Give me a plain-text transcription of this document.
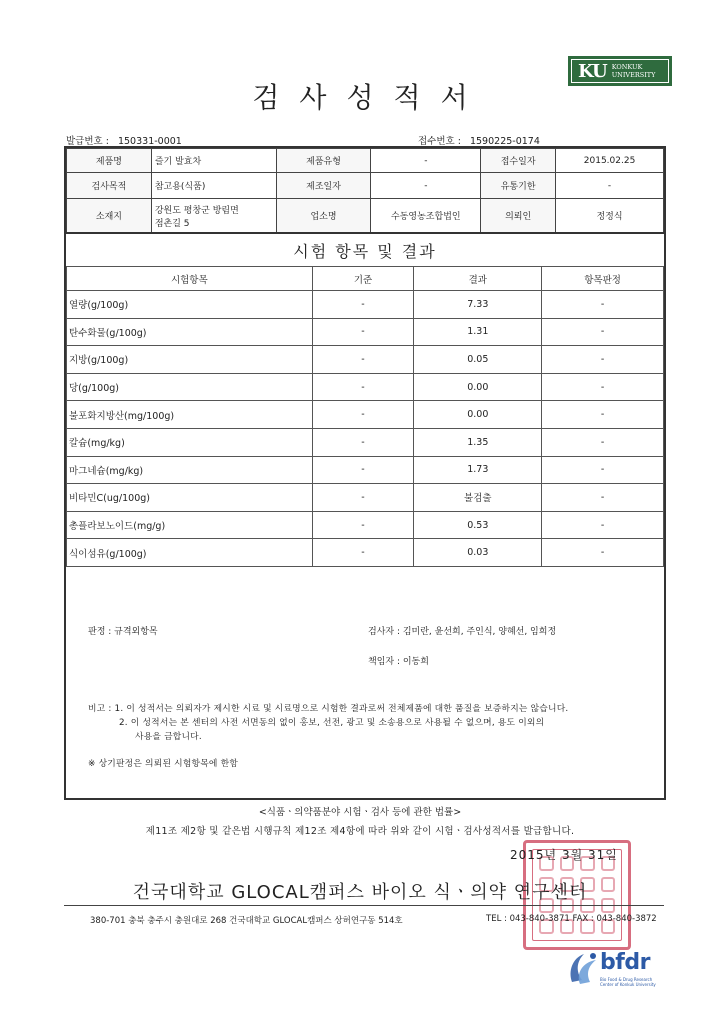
KU KONKUK
UNIVERSITY
검사성적서
발급번호 : 150331-0001	접수번호 : 1590225-0174
제품명	즐기 발효차	제품유형	-	접수일자	2015.02.25
검사목적	참고용(식품)	제조일자	-	유통기한	-
소재지	강원도 평창군 방림면
점촌길 5	업소명	수동영농조합법인	의뢰인	정정식
시험 항목 및 결과
시험항목	기준	결과	항목판정
열량(g/100g)	-	7.33	-
탄수화물(g/100g)	-	1.31	-
지방(g/100g)	-	0.05	-
당(g/100g)	-	0.00	-
불포화지방산(mg/100g)	-	0.00	-
칼슘(mg/kg)	-	1.35	-
마그네슘(mg/kg)	-	1.73	-
비타민C(ug/100g)	-	불검출	-
총플라보노이드(mg/g)	-	0.53	-
식이섬유(g/100g)	-	0.03	-
판정 : 규격외항목	검사자 : 김미란, 윤선희, 주인식, 양혜선, 임희정
책임자 : 이동희
비고 : 1. 이 성적서는 의뢰자가 제시한 시료 및 시료명으로 시험한 결과로써 전체제품에 대한 품질을 보증하지는 않습니다.
2. 이 성적서는 본 센터의 사전 서면동의 없이 홍보, 선전, 광고 및 소송용으로 사용될 수 없으며, 용도 이외의
사용을 금합니다.
※ 상기판정은 의뢰된 시험항목에 한함
<식품ㆍ의약품분야 시험ㆍ검사 등에 관한 법률>
제11조 제2항 및 같은법 시행규칙 제12조 제4항에 따라 위와 같이 시험ㆍ검사성적서를 발급합니다.
2015년 3월 31일
건국대학교 GLOCAL캠퍼스 바이오 식ㆍ의약 연구센터
380-701 충북 충주시 충원대로 268 건국대학교 GLOCAL캠퍼스 상허연구동 514호	TEL : 043-840-3871 FAX : 043-840-3872
bfdr
Bio Food & Drug Research
Center of Konkuk University
